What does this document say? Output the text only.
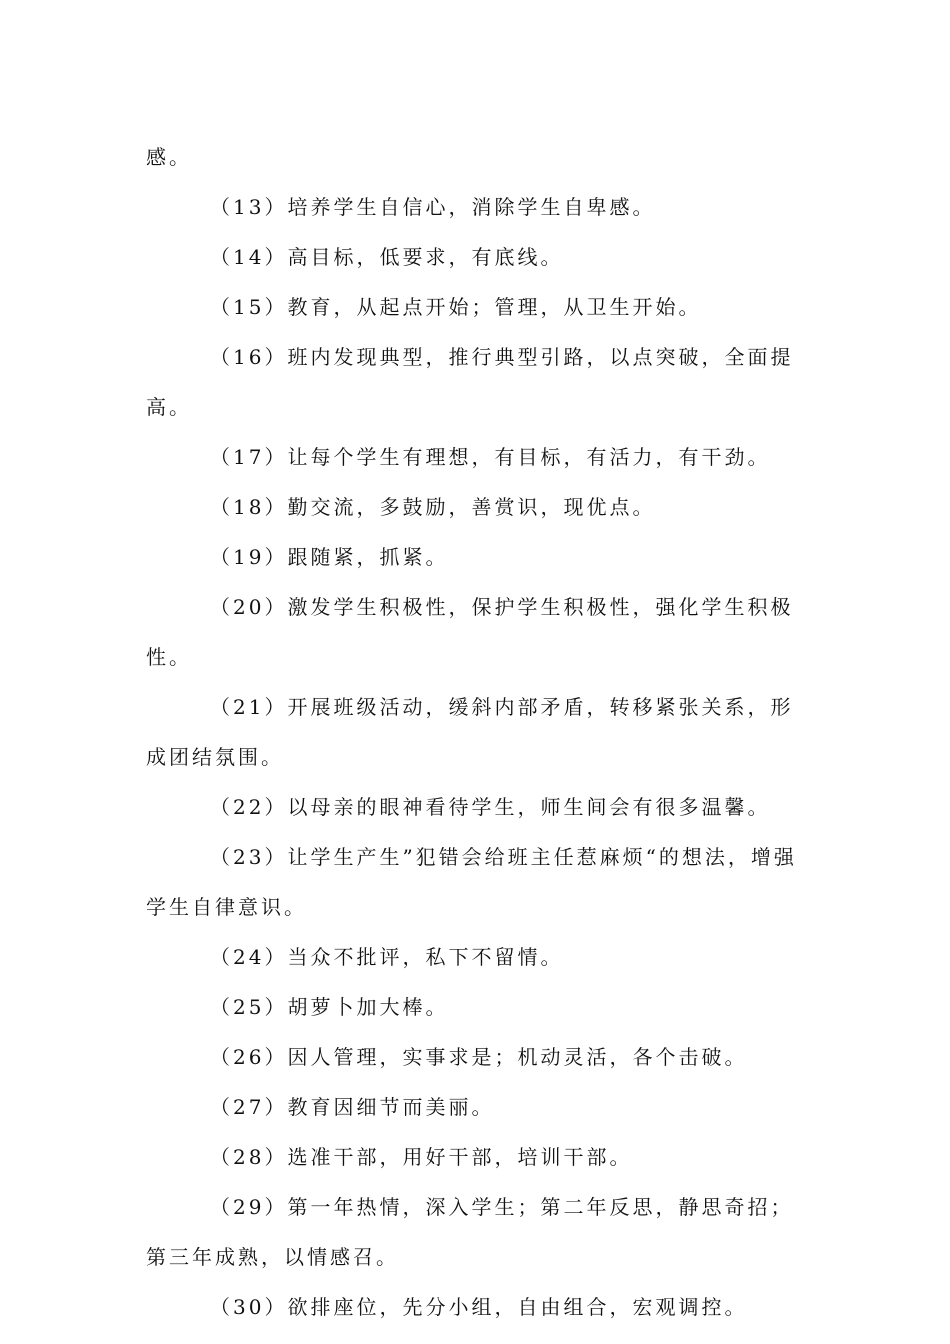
感。

（13）培养学生自信心，消除学生自卑感。

（14）高目标，低要求，有底线。

（15）教育，从起点开始；管理，从卫生开始。

（16）班内发现典型，推行典型引路，以点突破，全面提高。

（17）让每个学生有理想，有目标，有活力，有干劲。

（18）勤交流，多鼓励，善赏识，现优点。

（19）跟随紧，抓紧。

（20）激发学生积极性，保护学生积极性，强化学生积极性。

（21）开展班级活动，缓斜内部矛盾，转移紧张关系，形成团结氛围。

（22）以母亲的眼神看待学生，师生间会有很多温馨。

（23）让学生产生”犯错会给班主任惹麻烦“的想法，增强学生自律意识。

（24）当众不批评，私下不留情。

（25）胡萝卜加大棒。

（26）因人管理，实事求是；机动灵活，各个击破。

（27）教育因细节而美丽。

（28）选准干部，用好干部，培训干部。

（29）第一年热情，深入学生；第二年反思，静思奇招；第三年成熟，以情感召。

（30）欲排座位，先分小组，自由组合，宏观调控。
